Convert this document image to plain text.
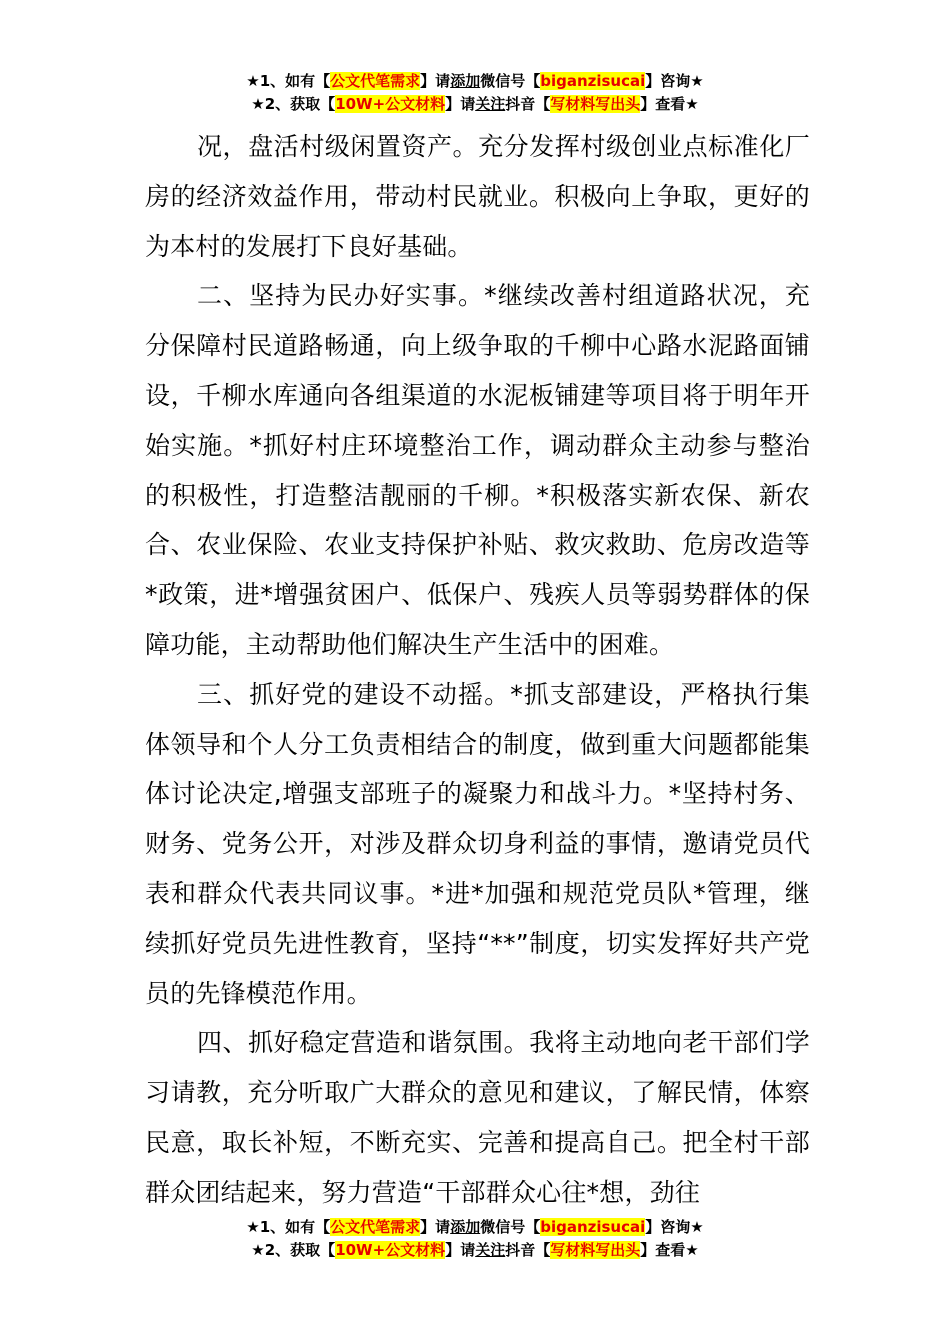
★1、如有【公文代笔需求】请添加微信号【biganzisucai】咨询★
★2、获取【10W+公文材料】请关注抖音【写材料写出头】查看★

况，盘活村级闲置资产。充分发挥村级创业点标准化厂房的经济效益作用，带动村民就业。积极向上争取，更好的为本村的发展打下良好基础。

二、坚持为民办好实事。*继续改善村组道路状况，充分保障村民道路畅通，向上级争取的千柳中心路水泥路面铺设，千柳水库通向各组渠道的水泥板铺建等项目将于明年开始实施。*抓好村庄环境整治工作，调动群众主动参与整治的积极性，打造整洁靓丽的千柳。*积极落实新农保、新农合、农业保险、农业支持保护补贴、救灾救助、危房改造等*政策，进*增强贫困户、低保户、残疾人员等弱势群体的保障功能，主动帮助他们解决生产生活中的困难。

三、抓好党的建设不动摇。*抓支部建设，严格执行集体领导和个人分工负责相结合的制度，做到重大问题都能集体讨论决定,增强支部班子的凝聚力和战斗力。*坚持村务、财务、党务公开，对涉及群众切身利益的事情，邀请党员代表和群众代表共同议事。*进*加强和规范党员队*管理，继续抓好党员先进性教育，坚持“**”制度，切实发挥好共产党员的先锋模范作用。

四、抓好稳定营造和谐氛围。我将主动地向老干部们学习请教，充分听取广大群众的意见和建议，了解民情，体察民意，取长补短，不断充实、完善和提高自己。把全村干部群众团结起来，努力营造“干部群众心往*想，劲往

★1、如有【公文代笔需求】请添加微信号【biganzisucai】咨询★
★2、获取【10W+公文材料】请关注抖音【写材料写出头】查看★
